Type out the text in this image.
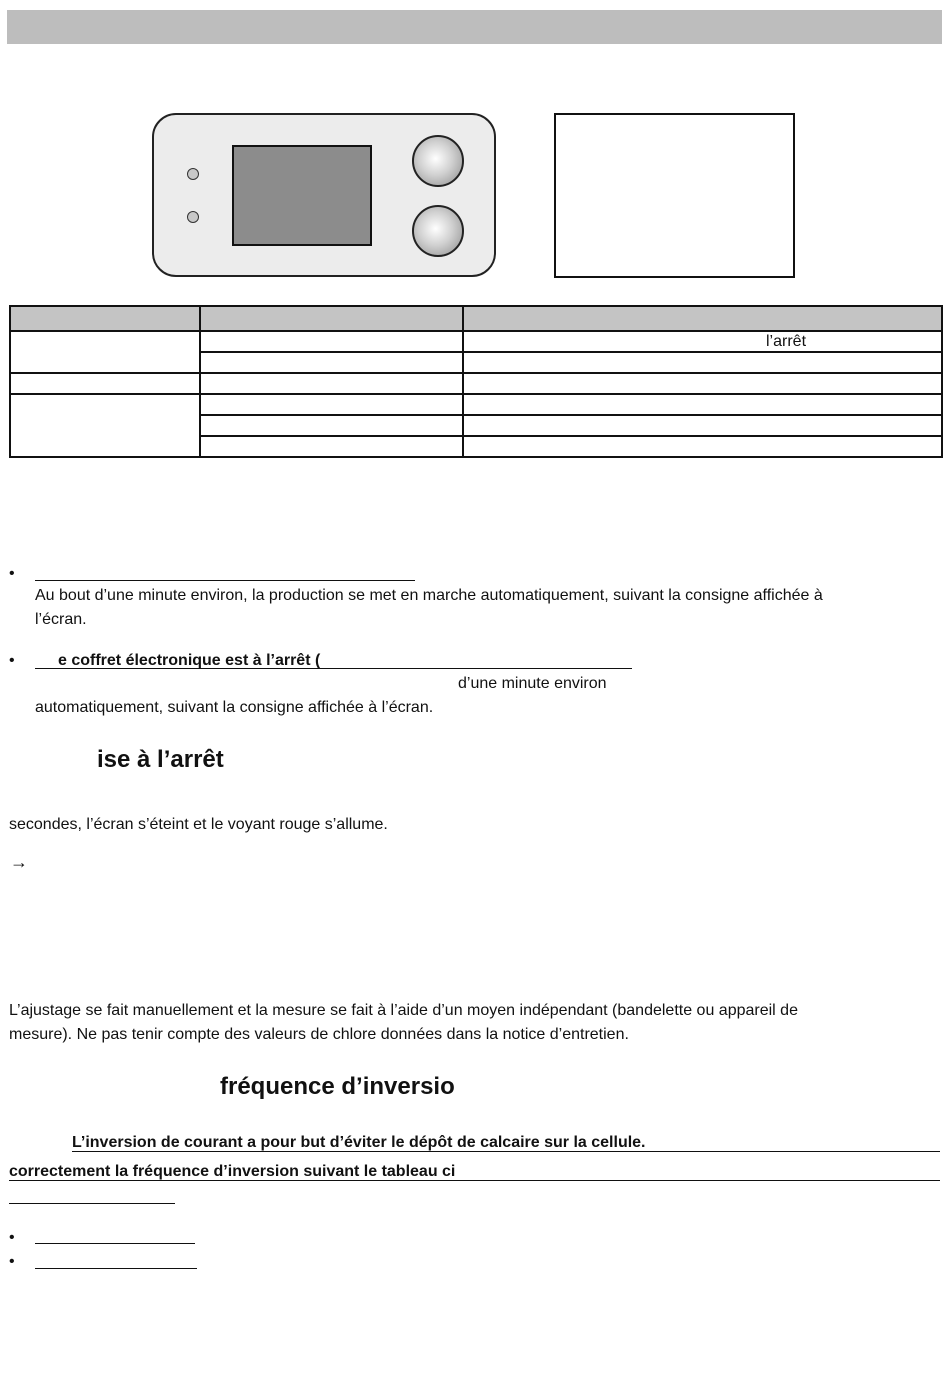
		l’arrêt

•
Au bout d’une minute environ, la production se met en marche automatiquement, suivant la consigne affichée à
l’écran.
•	e coffret électronique est à l’arrêt (
d’une minute environ
automatiquement, suivant la consigne affichée à l’écran.
ise à l’arrêt
secondes, l’écran s’éteint et le voyant rouge s’allume.
→
L’ajustage se fait manuellement et la mesure se fait à l’aide d’un moyen indépendant (bandelette ou appareil de
mesure). Ne pas tenir compte des valeurs de chlore données dans la notice d’entretien.
fréquence d’inversio
L’inversion de courant a pour but d’éviter le dépôt de calcaire sur la cellule.
correctement la fréquence d’inversion suivant le tableau ci
•
•
